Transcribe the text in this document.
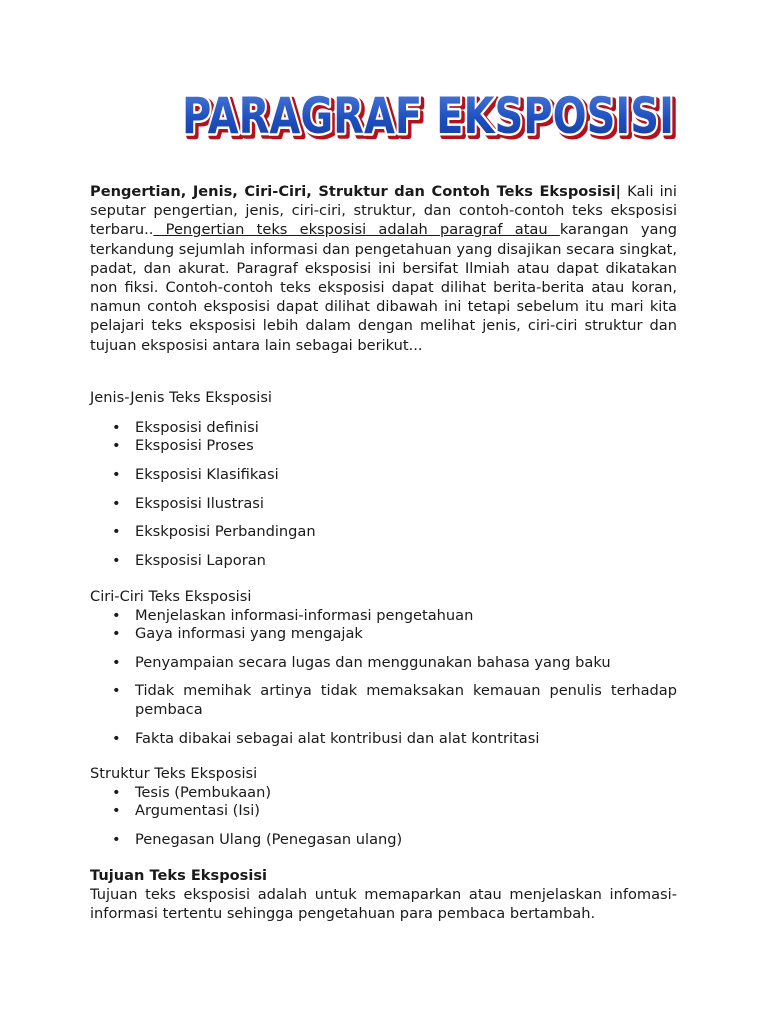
PARAGRAF EKSPOSISI
PARAGRAF EKSPOSISI
PARAGRAF EKSPOSISI

Pengertian, Jenis, Ciri-Ciri, Struktur dan Contoh Teks Eksposisi| Kali ini seputar pengertian, jenis, ciri-ciri, struktur, dan contoh-contoh teks eksposisi terbaru.. Pengertian teks eksposisi adalah paragraf atau karangan yang terkandung sejumlah informasi dan pengetahuan yang disajikan secara singkat, padat, dan akurat. Paragraf eksposisi ini bersifat Ilmiah atau dapat dikatakan non fiksi. Contoh-contoh teks eksposisi dapat dilihat berita-berita atau koran, namun contoh eksposisi dapat dilihat dibawah ini tetapi sebelum itu mari kita pelajari teks eksposisi lebih dalam dengan melihat jenis, ciri-ciri struktur dan tujuan eksposisi antara lain sebagai berikut...

Jenis-Jenis Teks Eksposisi
• Eksposisi definisi
• Eksposisi Proses
• Eksposisi Klasifikasi
• Eksposisi Ilustrasi
• Ekskposisi Perbandingan
• Eksposisi Laporan
Ciri-Ciri Teks Eksposisi
• Menjelaskan informasi-informasi pengetahuan
• Gaya informasi yang mengajak
• Penyampaian secara lugas dan menggunakan bahasa yang baku
• Tidak memihak artinya tidak memaksakan kemauan penulis terhadap pembaca
• Fakta dibakai sebagai alat kontribusi dan alat kontritasi
Struktur Teks Eksposisi
• Tesis (Pembukaan)
• Argumentasi (Isi)
• Penegasan Ulang (Penegasan ulang)
Tujuan Teks Eksposisi

Tujuan teks eksposisi adalah untuk memaparkan atau menjelaskan infomasi-informasi tertentu sehingga pengetahuan para pembaca bertambah.
